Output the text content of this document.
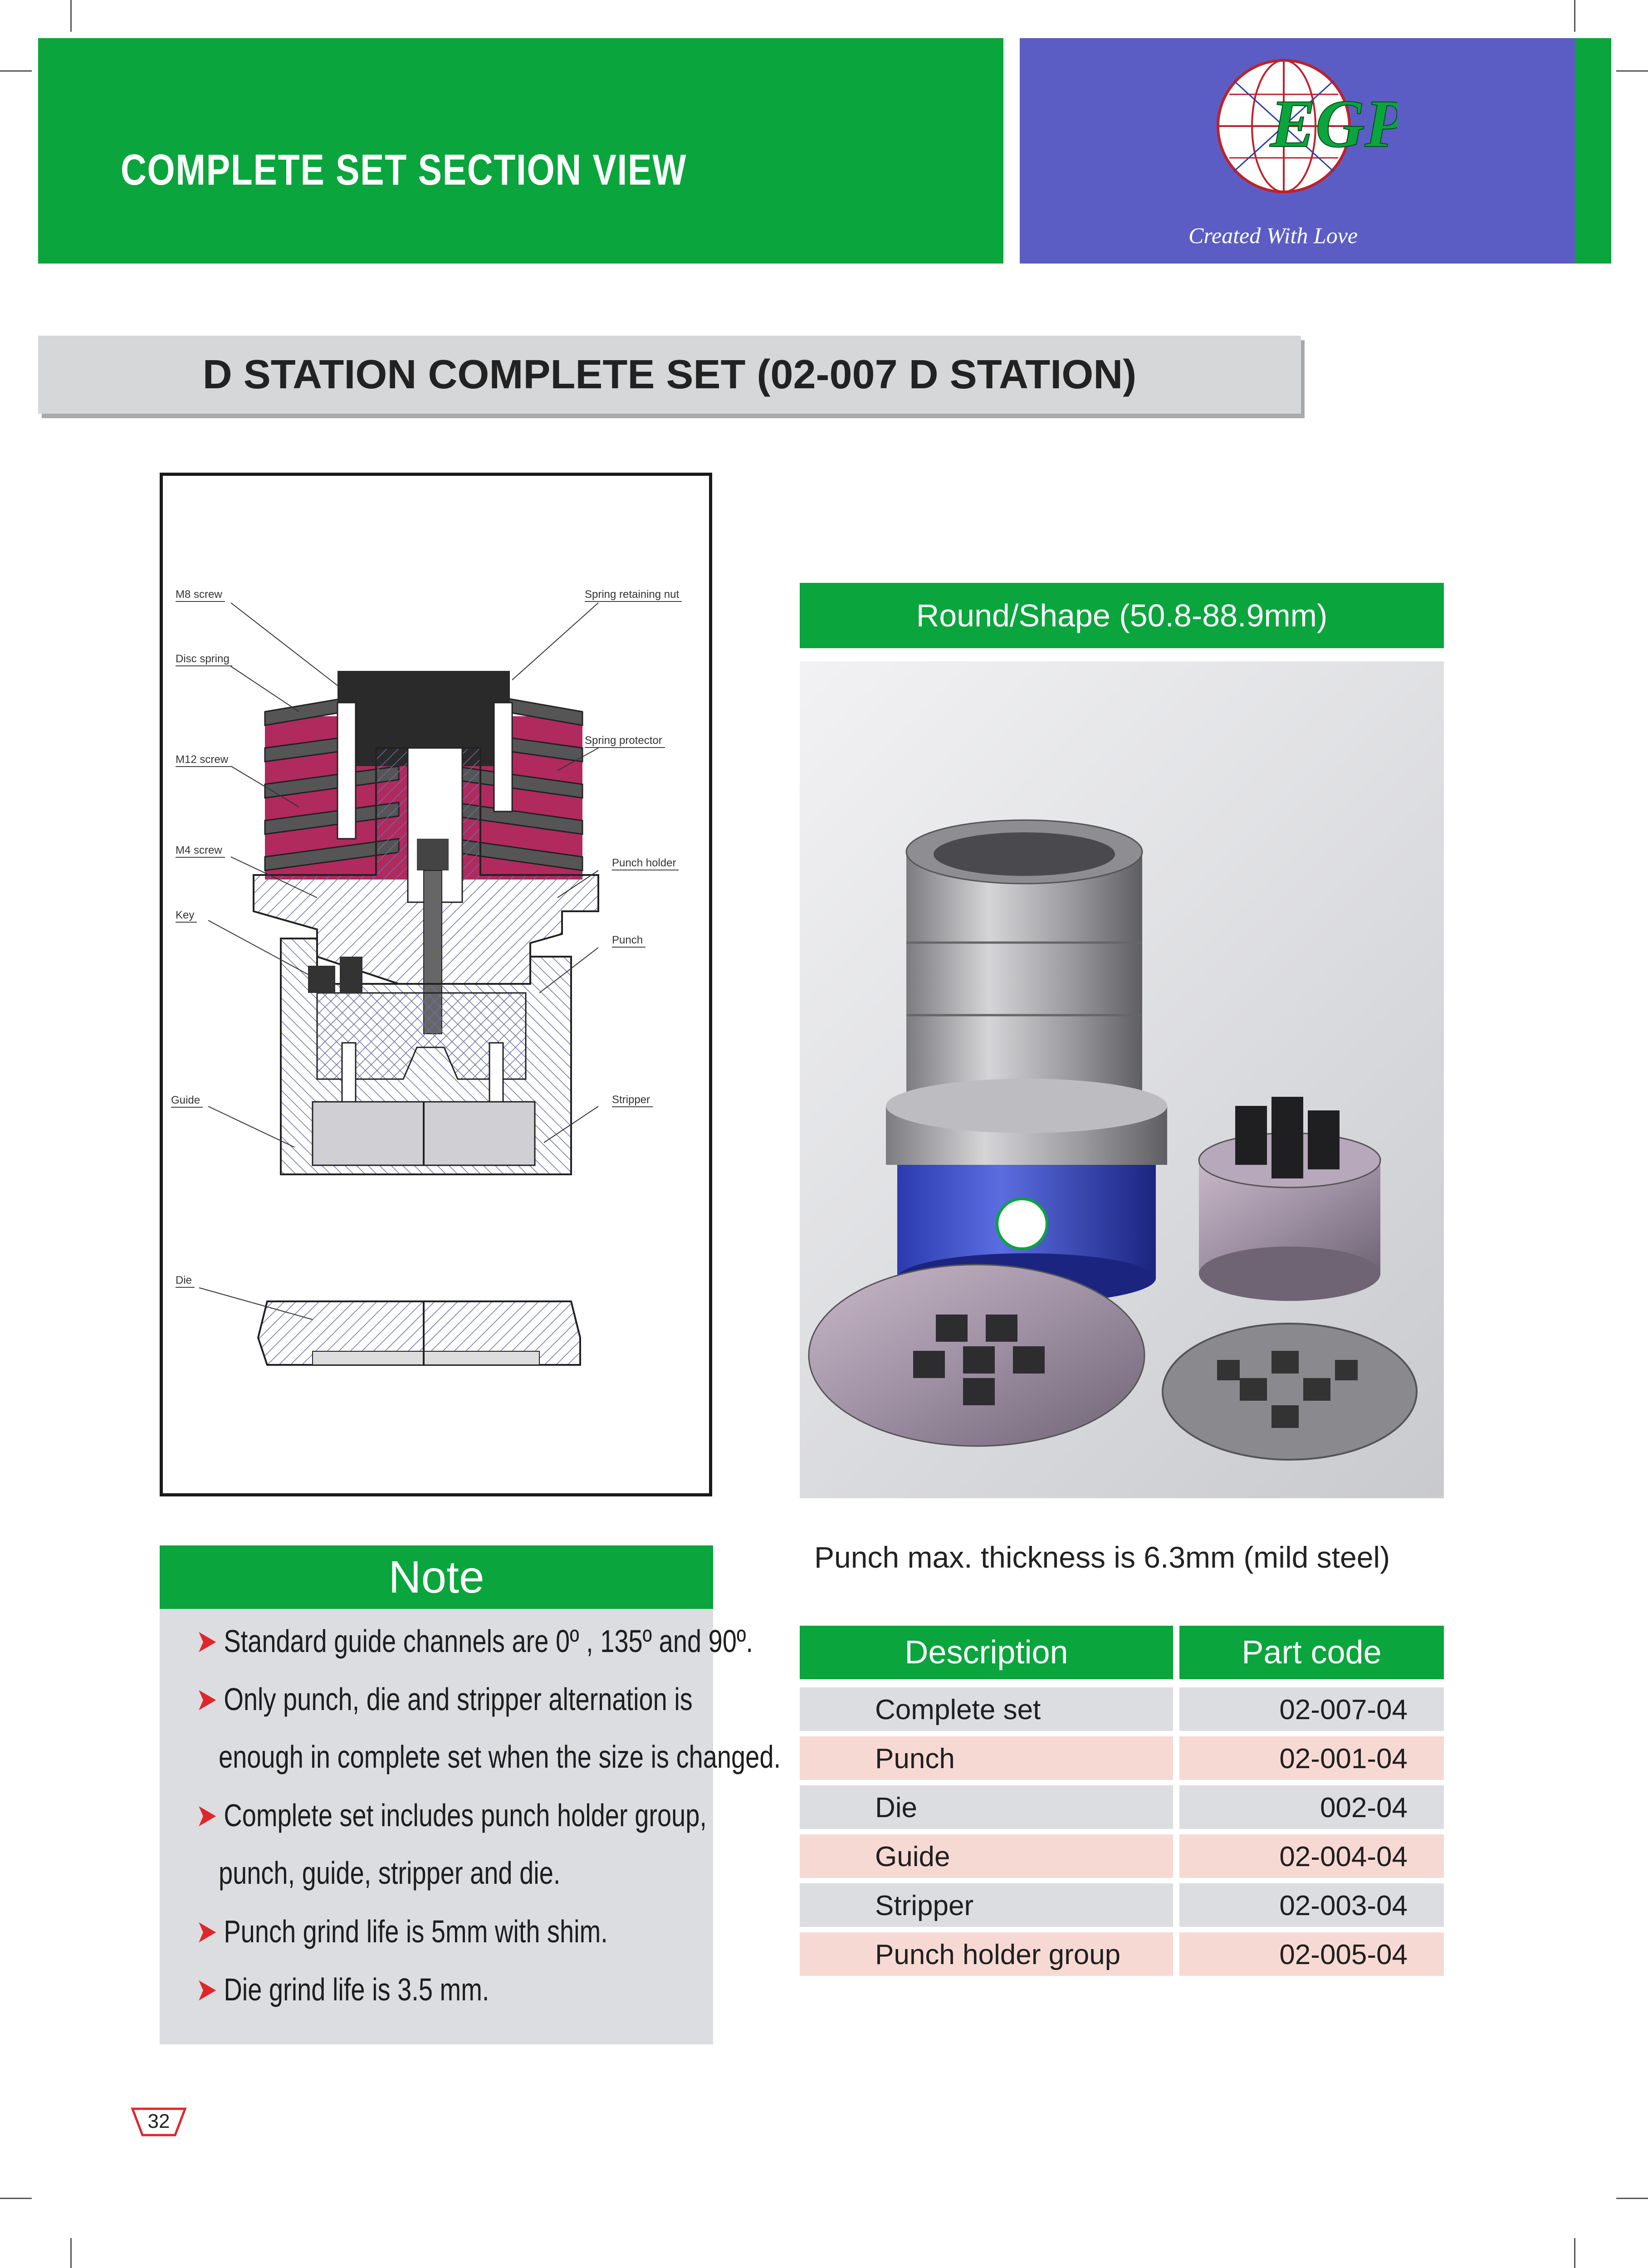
COMPLETE SET SECTION VIEW
EGP
Created With Love
D STATION COMPLETE SET (02-007 D STATION)
M8 screw
Disc spring
M12 screw
M4 screw
Key
Guide
Die
Spring retaining nut
Spring protector
Punch holder
Punch
Stripper
Round/Shape (50.8-88.9mm)
Punch max. thickness is 6.3mm (mild steel)
Note
➤ Standard guide channels are 0º , 135º and 90º.
➤ Only punch, die and stripper alternation is
enough in complete set when the size is changed.
➤ Complete set includes punch holder group,
punch, guide, stripper and die.
➤ Punch grind life is 5mm with shim.
➤ Die grind life is 3.5 mm.
Description	Part code
Complete set	02-007-04
Punch	02-001-04
Die	002-04
Guide	02-004-04
Stripper	02-003-04
Punch holder group	02-005-04
32
